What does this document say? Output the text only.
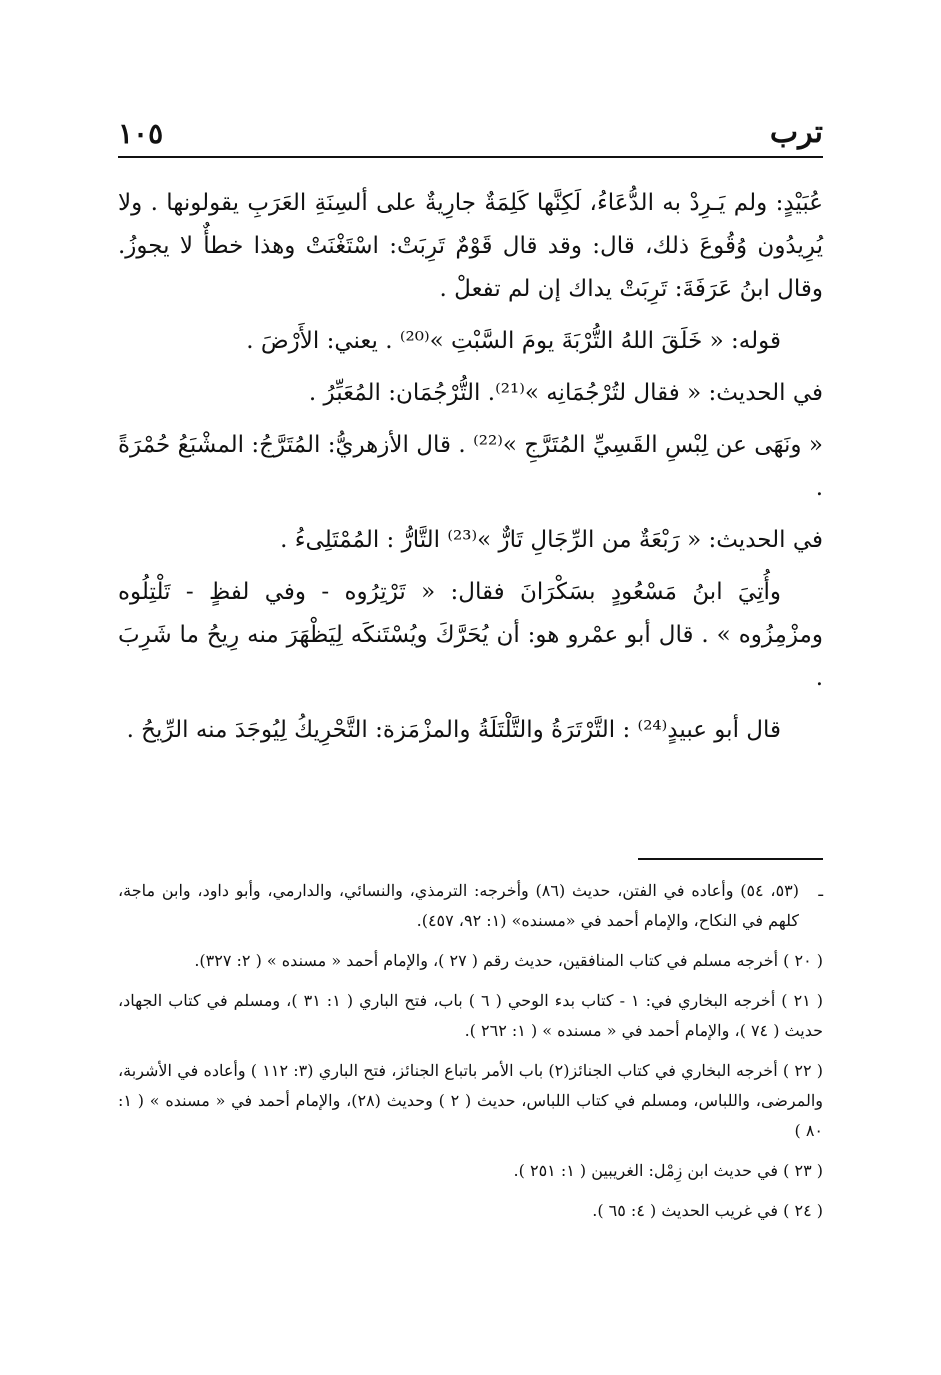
ترب
١٠٥

عُبَيْدٍ: ولم يَـرِدْ به الدُّعَاءُ، لَكِنَّها كَلِمَةٌ جارِيةٌ على ألسِنَةِ العَرَبِ يقولونها . ولا يُرِيدُون وُقُوعَ ذلك، قال: وقد قال قَوْمٌ تَرِبَتْ: اسْتَغْنَتْ وهذا خطأٌ لا يجوزُ. وقال ابنُ عَرَفَةَ: تَرِبَتْ يداك إن لم تفعلْ .

قوله: « خَلَقَ اللهُ التُّرْبَةَ يومَ السَّبْتِ »⁽²⁰⁾ . يعني: الأَرْضَ .

في الحديث: « فقال لتُرْجُمَانِه »⁽²¹⁾. التُّرْجُمَان: المُعَبِّرُ .

« ونَهَى عن لِبْسِ القَسِيِّ المُتَرَّجِ »⁽²²⁾ . قال الأزهريُّ: المُتَرَّجُ: المشْبَعُ حُمْرَةً .

في الحديث: « رَبْعَةٌ من الرِّجَالِ تَارٌّ »⁽²³⁾ التَّارُّ : المُمْتَلِىءُ .

وأُتِيَ ابنُ مَسْعُودٍ بسَكْرَانَ فقال: « تَرْتِرُوه - وفي لفظٍ - تَلْتِلُوه ومزْمِزُوه » . قال أبو عمْرو هو: أن يُحَرَّكَ ويُسْتَنكَه لِيَظْهَرَ منه رِيحُ ما شَرِبَ .

قال أبو عبيدٍ⁽²⁴⁾ : التَّرْتَرَةُ والتَّلْتَلَةُ والمزْمَزة: التَّحْرِيكُ لِيُوجَدَ منه الرِّيحُ .

ـ
(٥٣، ٥٤) وأعاده في الفتن، حديث (٨٦) وأخرجه: الترمذي، والنسائي، والدارمي، وأبو داود، وابن ماجة، كلهم في النكاح، والإمام أحمد في «مسنده» (١: ٩٢، ٤٥٧).
( ٢٠ ) أخرجه مسلم في كتاب المنافقين، حديث رقم ( ٢٧ )، والإمام أحمد « مسنده » ( ٢: ٣٢٧).
( ٢١ ) أخرجه البخاري في: ١ - كتاب بدء الوحي ( ٦ ) باب، فتح الباري ( ١: ٣١ )، ومسلم في كتاب الجهاد، حديث ( ٧٤ )، والإمام أحمد في « مسنده » ( ١: ٢٦٢ ).
( ٢٢ ) أخرجه البخاري في كتاب الجنائز(٢) باب الأمر باتباع الجنائز، فتح الباري (٣: ١١٢ ) وأعاده في الأشربة، والمرضى، واللباس، ومسلم في كتاب اللباس، حديث ( ٢ ) وحديث (٢٨)، والإمام أحمد في « مسنده » ( ١: ٨٠ )
( ٢٣ ) في حديث ابن زِمْل: الغريبين ( ١: ٢٥١ ).
( ٢٤ ) في غريب الحديث ( ٤: ٦٥ ).
